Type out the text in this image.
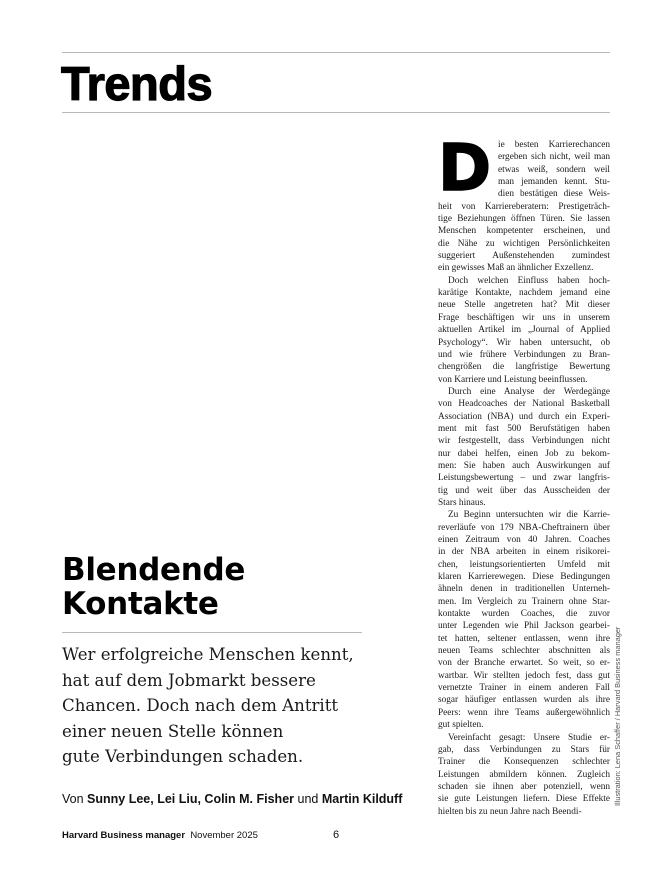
Trends
Blendende
Kontakte
Wer erfolgreiche Menschen kennt,
hat auf dem Jobmarkt bessere
Chancen. Doch nach dem Antritt
einer neuen Stelle können
gute Verbindungen schaden.
Von Sunny Lee, Lei Liu, Colin M. Fisher und Martin Kilduff
Harvard Business manager November 2025	6
D ie besten Karrierechancen
ergeben sich nicht, weil man
etwas weiß, sondern weil
man jemanden kennt. Stu-
dien bestätigen diese Weis-
heit von Karriereberatern: Prestigeträch-
tige Beziehungen öffnen Türen. Sie lassen
Menschen kompetenter erscheinen, und
die Nähe zu wichtigen Persönlichkeiten
suggeriert Außenstehenden zumindest
ein gewisses Maß an ähnlicher Exzellenz.
Doch welchen Einfluss haben hoch-
karätige Kontakte, nachdem jemand eine
neue Stelle angetreten hat? Mit dieser
Frage beschäftigen wir uns in unserem
aktuellen Artikel im „Journal of Applied
Psychology“. Wir haben untersucht, ob
und wie frühere Verbindungen zu Bran-
chengrößen die langfristige Bewertung
von Karriere und Leistung beeinflussen.
Durch eine Analyse der Werdegänge
von Headcoaches der National Basketball
Association (NBA) und durch ein Experi-
ment mit fast 500 Berufstätigen haben
wir festgestellt, dass Verbindungen nicht
nur dabei helfen, einen Job zu bekom-
men: Sie haben auch Auswirkungen auf
Leistungsbewertung – und zwar langfris-
tig und weit über das Ausscheiden der
Stars hinaus.
Zu Beginn untersuchten wir die Karrie-
reverläufe von 179 NBA-Cheftrainern über
einen Zeitraum von 40 Jahren. Coaches
in der NBA arbeiten in einem risikorei-
chen, leistungsorientierten Umfeld mit
klaren Karrierewegen. Diese Bedingungen
ähneln denen in traditionellen Unterneh-
men. Im Vergleich zu Trainern ohne Star-
kontakte wurden Coaches, die zuvor
unter Legenden wie Phil Jackson gearbei-
tet hatten, seltener entlassen, wenn ihre
neuen Teams schlechter abschnitten als
von der Branche erwartet. So weit, so er-
wartbar. Wir stellten jedoch fest, dass gut
vernetzte Trainer in einem anderen Fall
sogar häufiger entlassen wurden als ihre
Peers: wenn ihre Teams außergewöhnlich
gut spielten.
Vereinfacht gesagt: Unsere Studie er-
gab, dass Verbindungen zu Stars für
Trainer die Konsequenzen schlechter
Leistungen abmildern können. Zugleich
schaden sie ihnen aber potenziell, wenn
sie gute Leistungen liefern. Diese Effekte
hielten bis zu neun Jahre nach Beendi-
Illustration: Lena Schaffer / Harvard Business manager
